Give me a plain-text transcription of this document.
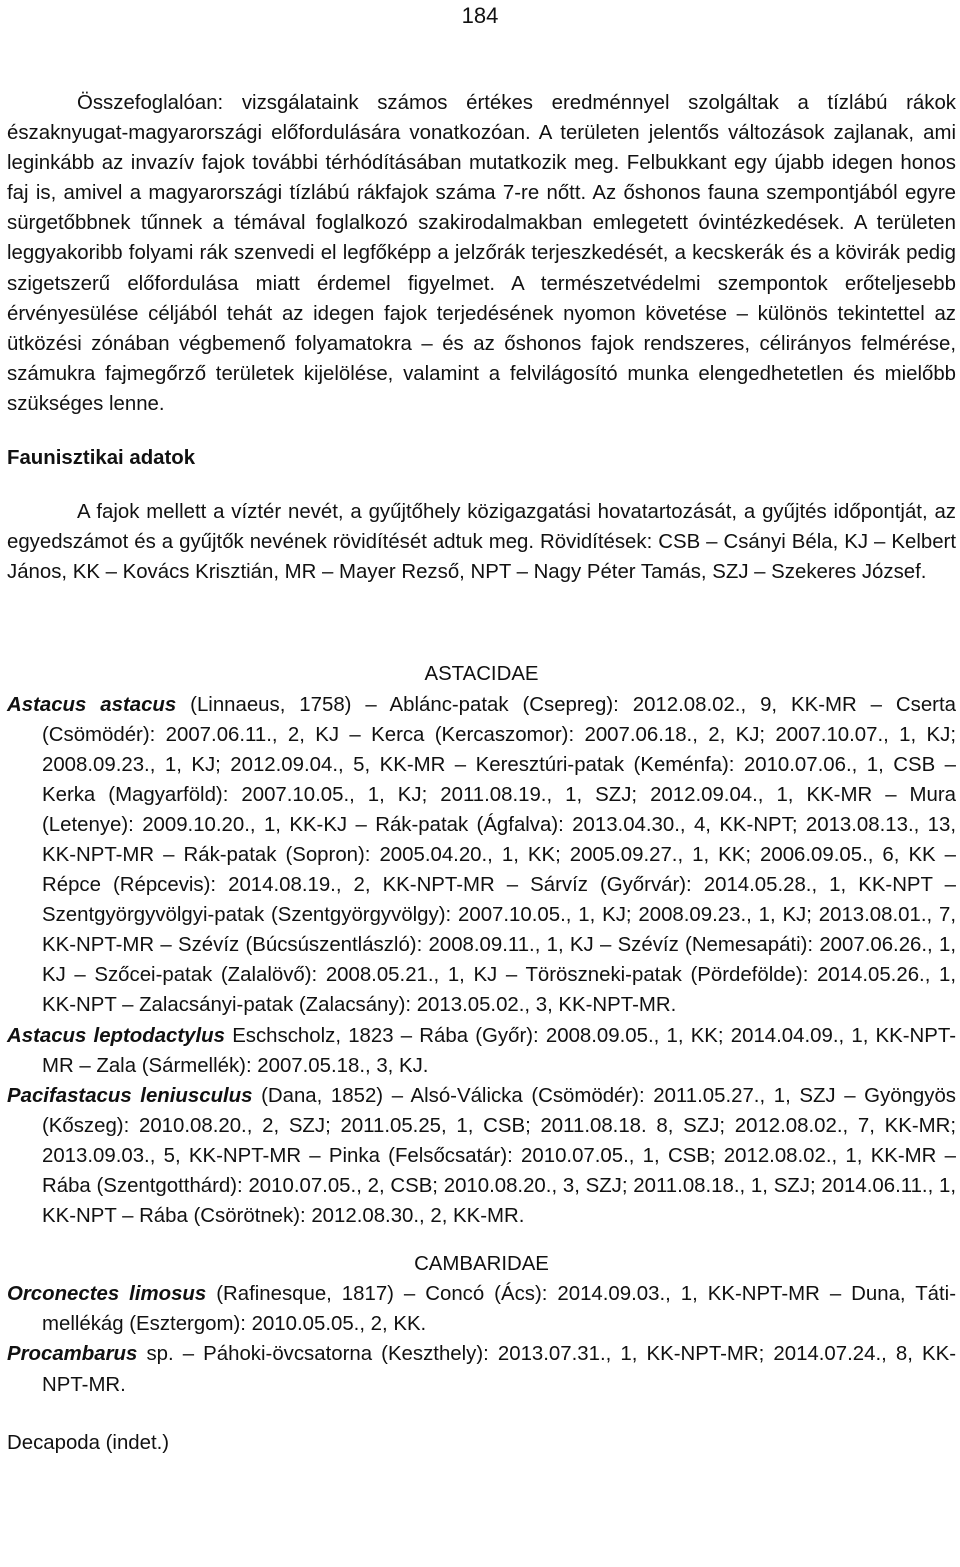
184

Összefoglalóan: vizsgálataink számos értékes eredménnyel szolgáltak a tízlábú rákok északnyugat-magyarországi előfordulására vonatkozóan. A területen jelentős változások zajlanak, ami leginkább az invazív fajok további térhódításában mutatkozik meg. Felbukkant egy újabb idegen honos faj is, amivel a magyarországi tízlábú rákfajok száma 7-re nőtt. Az őshonos fauna szempontjából egyre sürgetőbbnek tűnnek a témával foglalkozó szakirodalmakban emlegetett óvintézkedések. A területen leggyakoribb folyami rák szenvedi el legfőképp a jelzőrák terjeszkedését, a kecskerák és a kövirák pedig szigetszerű előfordulása miatt érdemel figyelmet. A természetvédelmi szempontok erőteljesebb érvényesülése céljából tehát az idegen fajok terjedésének nyomon követése – különös tekintettel az ütközési zónában végbemenő folyamatokra – és az őshonos fajok rendszeres, célirányos felmérése, számukra fajmegőrző területek kijelölése, valamint a felvilágosító munka elengedhetetlen és mielőbb szükséges lenne.

Faunisztikai adatok

A fajok mellett a víztér nevét, a gyűjtőhely közigazgatási hovatartozását, a gyűjtés időpontját, az egyedszámot és a gyűjtők nevének rövidítését adtuk meg. Rövidítések: CSB – Csányi Béla, KJ – Kelbert János, KK – Kovács Krisztián, MR – Mayer Rezső, NPT – Nagy Péter Tamás, SZJ – Szekeres József.

ASTACIDAE

Astacus astacus (Linnaeus, 1758) – Ablánc-patak (Csepreg): 2012.08.02., 9, KK-MR – Cserta (Csömödér): 2007.06.11., 2, KJ – Kerca (Kercaszomor): 2007.06.18., 2, KJ; 2007.10.07., 1, KJ; 2008.09.23., 1, KJ; 2012.09.04., 5, KK-MR – Keresztúri-patak (Keménfa): 2010.07.06., 1, CSB – Kerka (Magyarföld): 2007.10.05., 1, KJ; 2011.08.19., 1, SZJ; 2012.09.04., 1, KK-MR – Mura (Letenye): 2009.10.20., 1, KK-KJ – Rák-patak (Ágfalva): 2013.04.30., 4, KK-NPT; 2013.08.13., 13, KK-NPT-MR – Rák-patak (Sopron): 2005.04.20., 1, KK; 2005.09.27., 1, KK; 2006.09.05., 6, KK – Répce (Répcevis): 2014.08.19., 2, KK-NPT-MR – Sárvíz (Győrvár): 2014.05.28., 1, KK-NPT – Szentgyörgyvölgyi-patak (Szentgyörgyvölgy): 2007.10.05., 1, KJ; 2008.09.23., 1, KJ; 2013.08.01., 7, KK-NPT-MR – Szévíz (Búcsúszentlászló): 2008.09.11., 1, KJ – Szévíz (Nemesapáti): 2007.06.26., 1, KJ – Szőcei-patak (Zalalövő): 2008.05.21., 1, KJ – Töröszneki-patak (Pördefölde): 2014.05.26., 1, KK-NPT – Zalacsányi-patak (Zalacsány): 2013.05.02., 3, KK-NPT-MR.

Astacus leptodactylus Eschscholz, 1823 – Rába (Győr): 2008.09.05., 1, KK; 2014.04.09., 1, KK-NPT-MR – Zala (Sármellék): 2007.05.18., 3, KJ.

Pacifastacus leniusculus (Dana, 1852) – Alsó-Válicka (Csömödér): 2011.05.27., 1, SZJ – Gyöngyös (Kőszeg): 2010.08.20., 2, SZJ; 2011.05.25, 1, CSB; 2011.08.18. 8, SZJ; 2012.08.02., 7, KK-MR; 2013.09.03., 5, KK-NPT-MR – Pinka (Felsőcsatár): 2010.07.05., 1, CSB; 2012.08.02., 1, KK-MR – Rába (Szentgotthárd): 2010.07.05., 2, CSB; 2010.08.20., 3, SZJ; 2011.08.18., 1, SZJ; 2014.06.11., 1, KK-NPT – Rába (Csörötnek): 2012.08.30., 2, KK-MR.

CAMBARIDAE

Orconectes limosus (Rafinesque, 1817) – Concó (Ács): 2014.09.03., 1, KK-NPT-MR – Duna, Táti-mellékág (Esztergom): 2010.05.05., 2, KK.

Procambarus sp. – Páhoki-övcsatorna (Keszthely): 2013.07.31., 1, KK-NPT-MR; 2014.07.24., 8, KK-NPT-MR.

Decapoda (indet.)
